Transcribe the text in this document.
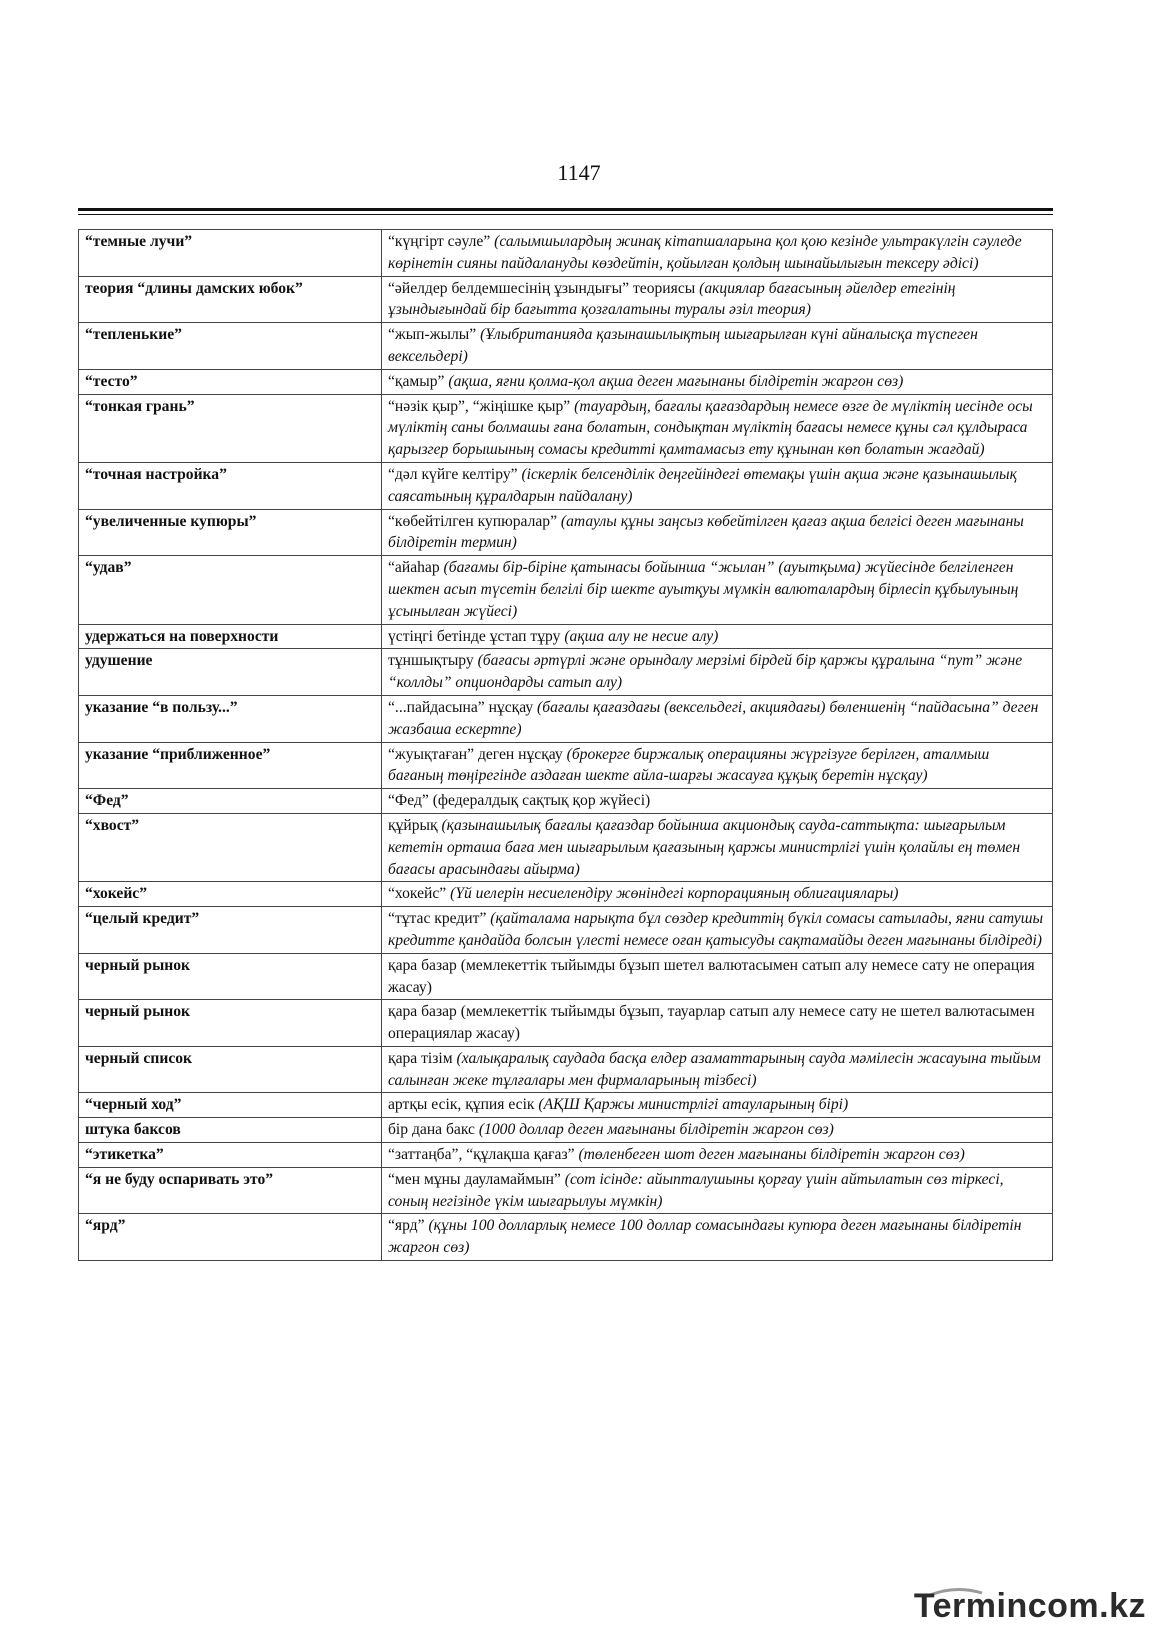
1147
“темные лучи”	“күңгірт сәуле” (салымшылардың жинақ кітапшаларына қол қою кезінде ультракүлгін сәуледе көрінетін сияны пайдалануды көздейтін, қойылған қолдың шынайылығын тексеру әдісі)
теория “длины дамских юбок”	“әйелдер белдемшесінің ұзындығы” теориясы (акциялар бағасының әйелдер етегінің ұзындығындай бір бағытта қозғалатыны туралы әзіл теория)
“тепленькие”	“жып-жылы” (Ұлыбританияда қазынашылықтың шығарылған күні айналысқа түспеген вексельдері)
“тесто”	“қамыр” (ақша, яғни қолма-қол ақша деген мағынаны білдіретін жаргон сөз)
“тонкая грань”	“нәзік қыр”, “жіңішке қыр” (тауардың, бағалы қағаздардың немесе өзге де мүліктің иесінде осы мүліктің саны болмашы ғана болатын, сондықтан мүліктің бағасы немесе құны сәл құлдыраса қарызгер борышының сомасы кредитті қамтамасыз ету құнынан көп болатын жағдай)
“точная настройка”	“дәл күйге келтіру” (іскерлік белсенділік деңгейіндегі өтемақы үшін ақша және қазынашылық саясатының құралдарын пайдалану)
“увеличенные купюры”	“көбейтілген купюралар” (атаулы құны заңсыз көбейтілген қағаз ақша белгісі деген мағынаны білдіретін термин)
“удав”	“айаhар (бағамы бір-біріне қатынасы бойынша “жылан” (ауытқыма) жүйесінде белгіленген шектен асып түсетін белгілі бір шекте ауытқуы мүмкін валюталардың бірлесіп құбылуының ұсынылған жүйесі)
удержаться на поверхности	үстіңгі бетінде ұстап тұру (ақша алу не несие алу)
удушение	тұншықтыру (бағасы әртүрлі және орындалу мерзімі бірдей бір қаржы құралына “пут” және “коллды” опциондарды сатып алу)
указание “в пользу...”	“...пайдасына” нұсқау (бағалы қағаздағы (вексельдегі, акциядағы) бөленшенің “пайдасына” деген жазбаша ескертпе)
указание “приближенное”	“жуықтаған” деген нұсқау (брокерге биржалық операцияны жүргізуге берілген, аталмыш бағаның төңірегінде аздаған шекте айла-шарғы жасауға құқық беретін нұсқау)
“Фед”	“Фед” (федералдық сақтық қор жүйесі)
“хвост”	құйрық (қазынашылық бағалы қағаздар бойынша акциондық сауда-саттықта: шығарылым кететін орташа баға мен шығарылым қағазының қаржы министрлігі үшін қолайлы ең төмен бағасы арасындағы айырма)
“хокейс”	“хокейс” (Үй иелерін несиелендіру жөніндегі корпорацияның облигациялары)
“целый кредит”	“тұтас кредит” (қайталама нарықта бұл сөздер кредиттің бүкіл сомасы сатылады, яғни сатушы кредитте қандайда болсын үлесті немесе оған қатысуды сақтамайды деген мағынаны білдіреді)
черный рынок	қара базар (мемлекеттік тыйымды бұзып шетел валютасымен сатып алу немесе сату не операция жасау)
черный рынок	қара базар (мемлекеттік тыйымды бұзып, тауарлар сатып алу немесе сату не шетел валютасымен операциялар жасау)
черный список	қара тізім (халықаралық саудада басқа елдер азаматтарының сауда мәмілесін жасауына тыйым салынған жеке тұлғалары мен фирмаларының тізбесі)
“черный ход”	артқы есік, құпия есік (АҚШ Қаржы министрлігі атауларының бірі)
штука баксов	бір дана бакс (1000 доллар деген мағынаны білдіретін жаргон сөз)
“этикетка”	“заттаңба”, “құлақша қағаз” (төленбеген шот деген мағынаны білдіретін жаргон сөз)
“я не буду оспаривать это”	“мен мұны дауламаймын” (сот ісінде: айыпталушыны қорғау үшін айтылатын сөз тіркесі, соның негізінде үкім шығарылуы мүмкін)
“ярд”	“ярд” (құны 100 долларлық немесе 100 доллар сомасындағы купюра деген мағынаны білдіретін жаргон сөз)
Termincom.kz
